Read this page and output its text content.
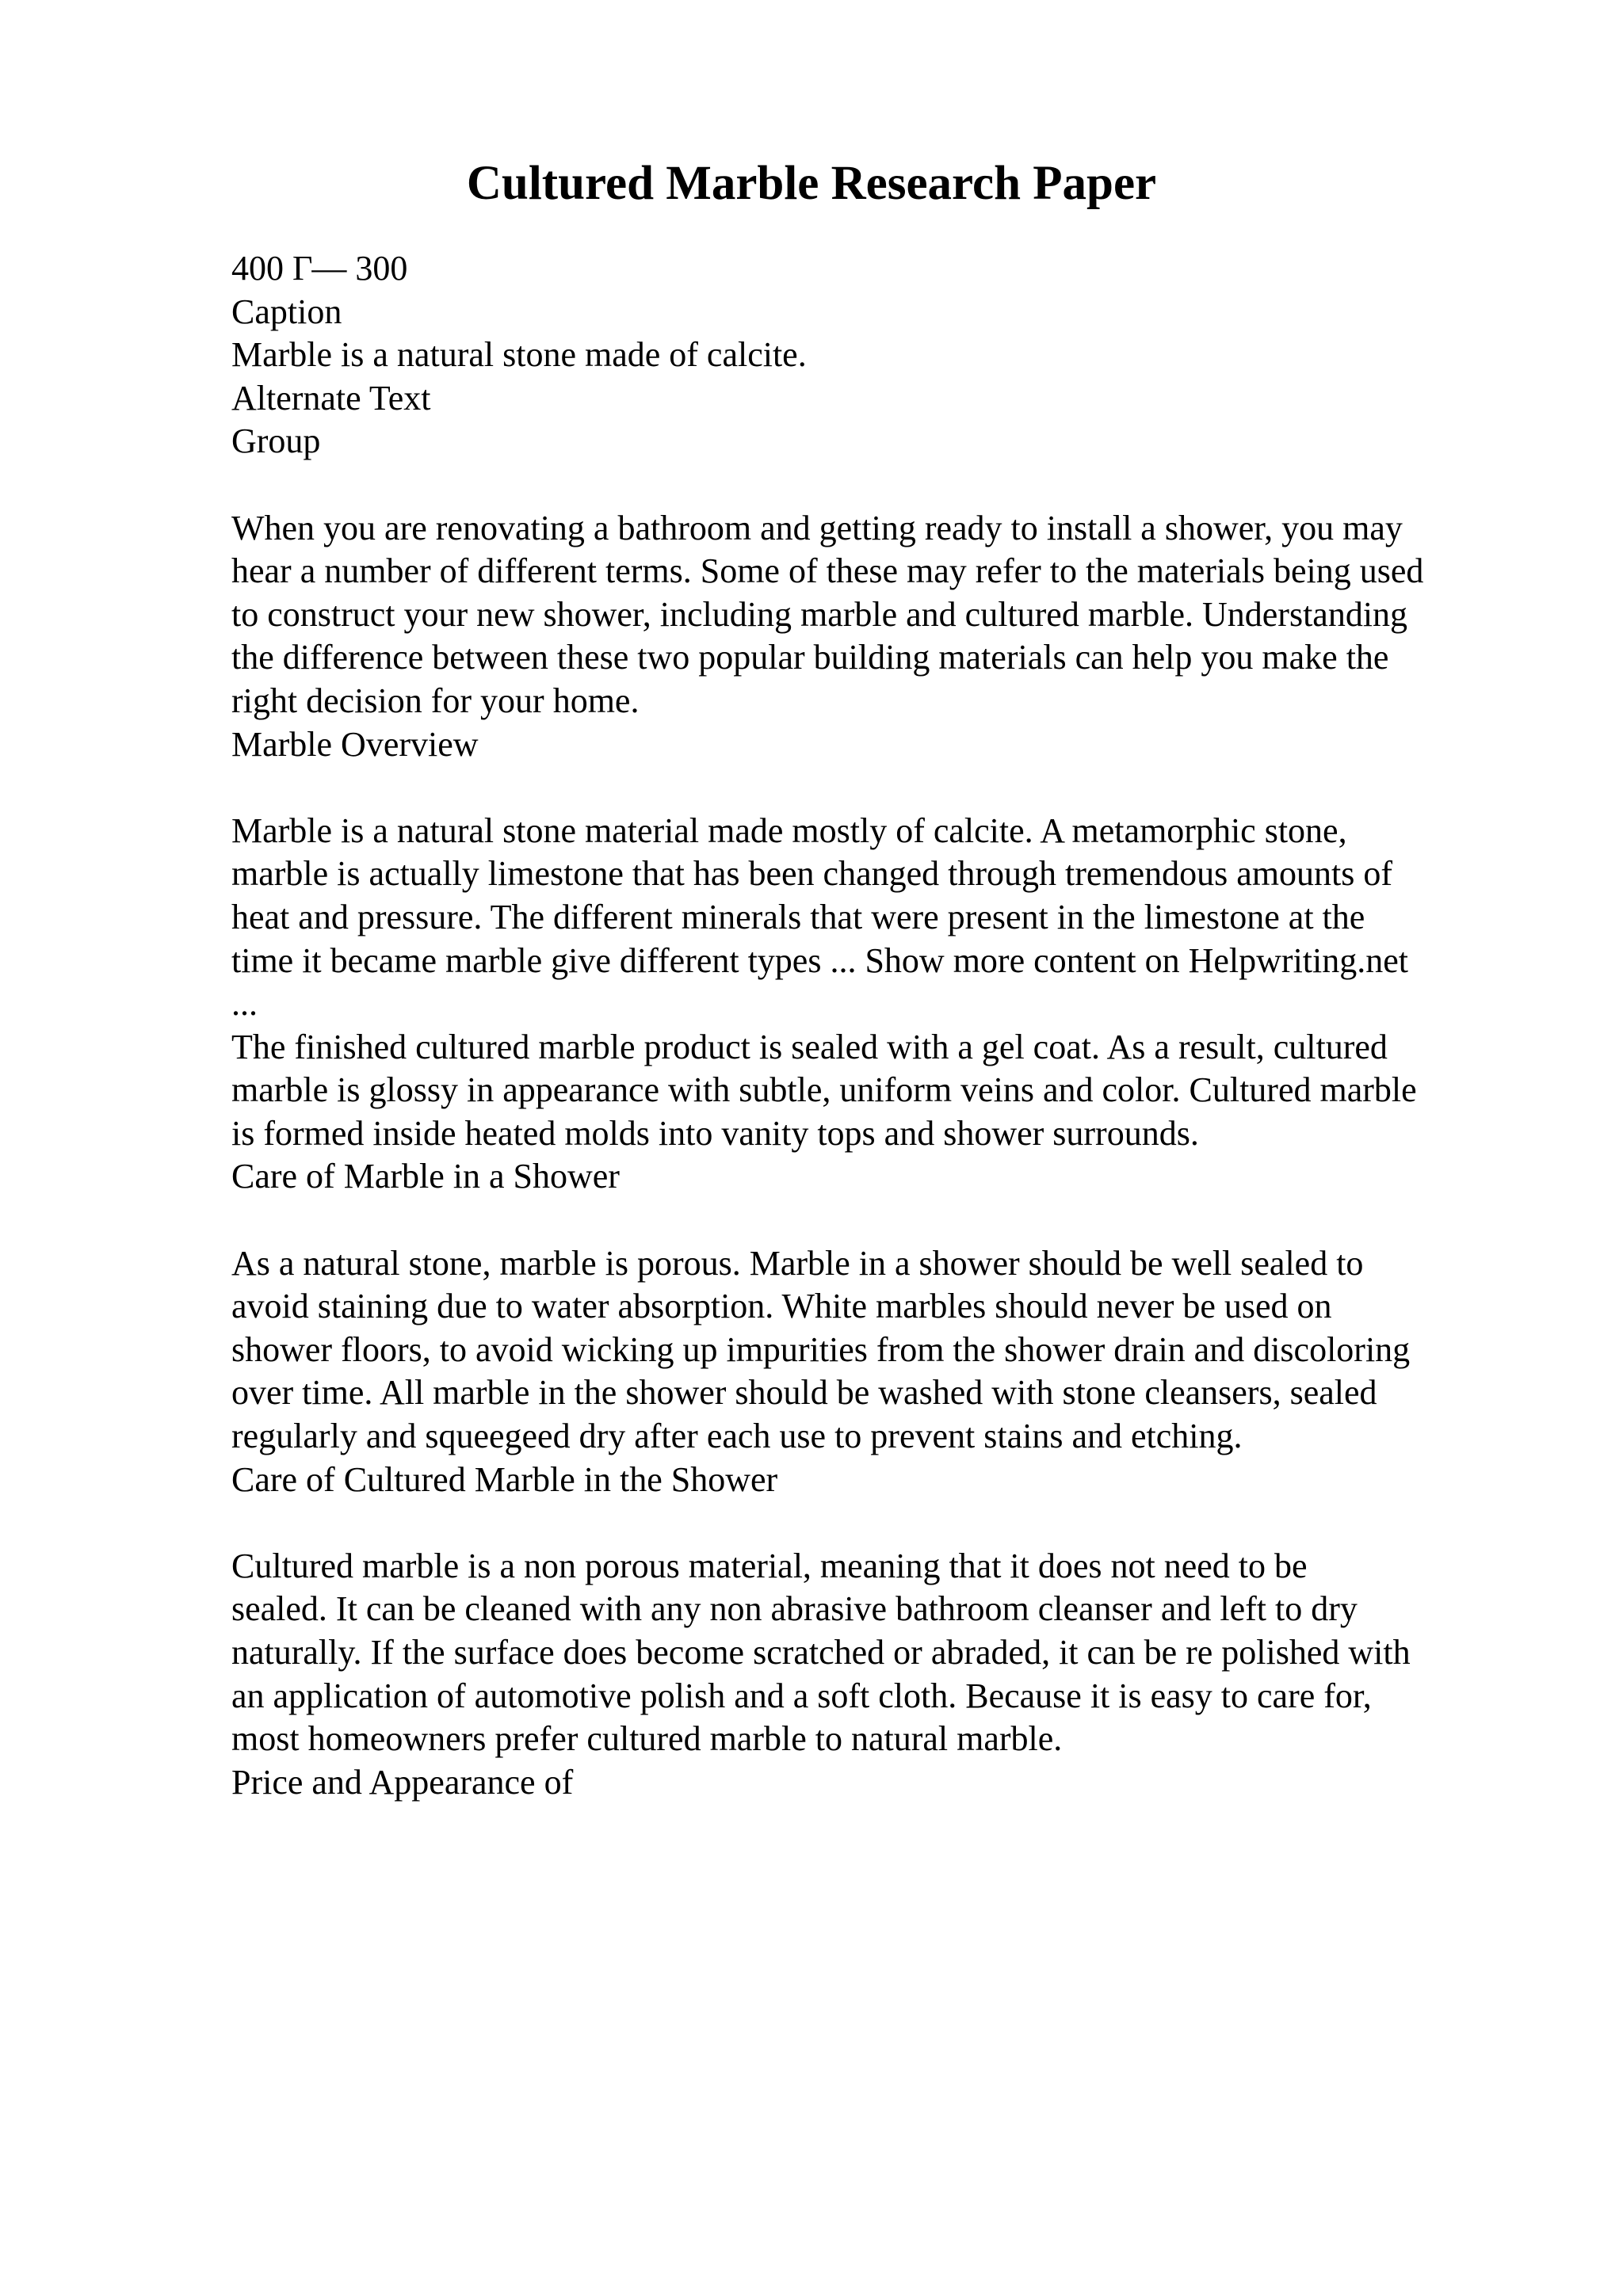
Cultured Marble Research Paper
400 Г— 300
Caption
Marble is a natural stone made of calcite.
Alternate Text
Group
When you are renovating a bathroom and getting ready to install a shower, you may
hear a number of different terms. Some of these may refer to the materials being used
to construct your new shower, including marble and cultured marble. Understanding
the difference between these two popular building materials can help you make the
right decision for your home.
Marble Overview
Marble is a natural stone material made mostly of calcite. A metamorphic stone,
marble is actually limestone that has been changed through tremendous amounts of
heat and pressure. The different minerals that were present in the limestone at the
time it became marble give different types ... Show more content on Helpwriting.net
...
The finished cultured marble product is sealed with a gel coat. As a result, cultured
marble is glossy in appearance with subtle, uniform veins and color. Cultured marble
is formed inside heated molds into vanity tops and shower surrounds.
Care of Marble in a Shower
As a natural stone, marble is porous. Marble in a shower should be well sealed to
avoid staining due to water absorption. White marbles should never be used on
shower floors, to avoid wicking up impurities from the shower drain and discoloring
over time. All marble in the shower should be washed with stone cleansers, sealed
regularly and squeegeed dry after each use to prevent stains and etching.
Care of Cultured Marble in the Shower
Cultured marble is a non porous material, meaning that it does not need to be
sealed. It can be cleaned with any non abrasive bathroom cleanser and left to dry
naturally. If the surface does become scratched or abraded, it can be re polished with
an application of automotive polish and a soft cloth. Because it is easy to care for,
most homeowners prefer cultured marble to natural marble.
Price and Appearance of
